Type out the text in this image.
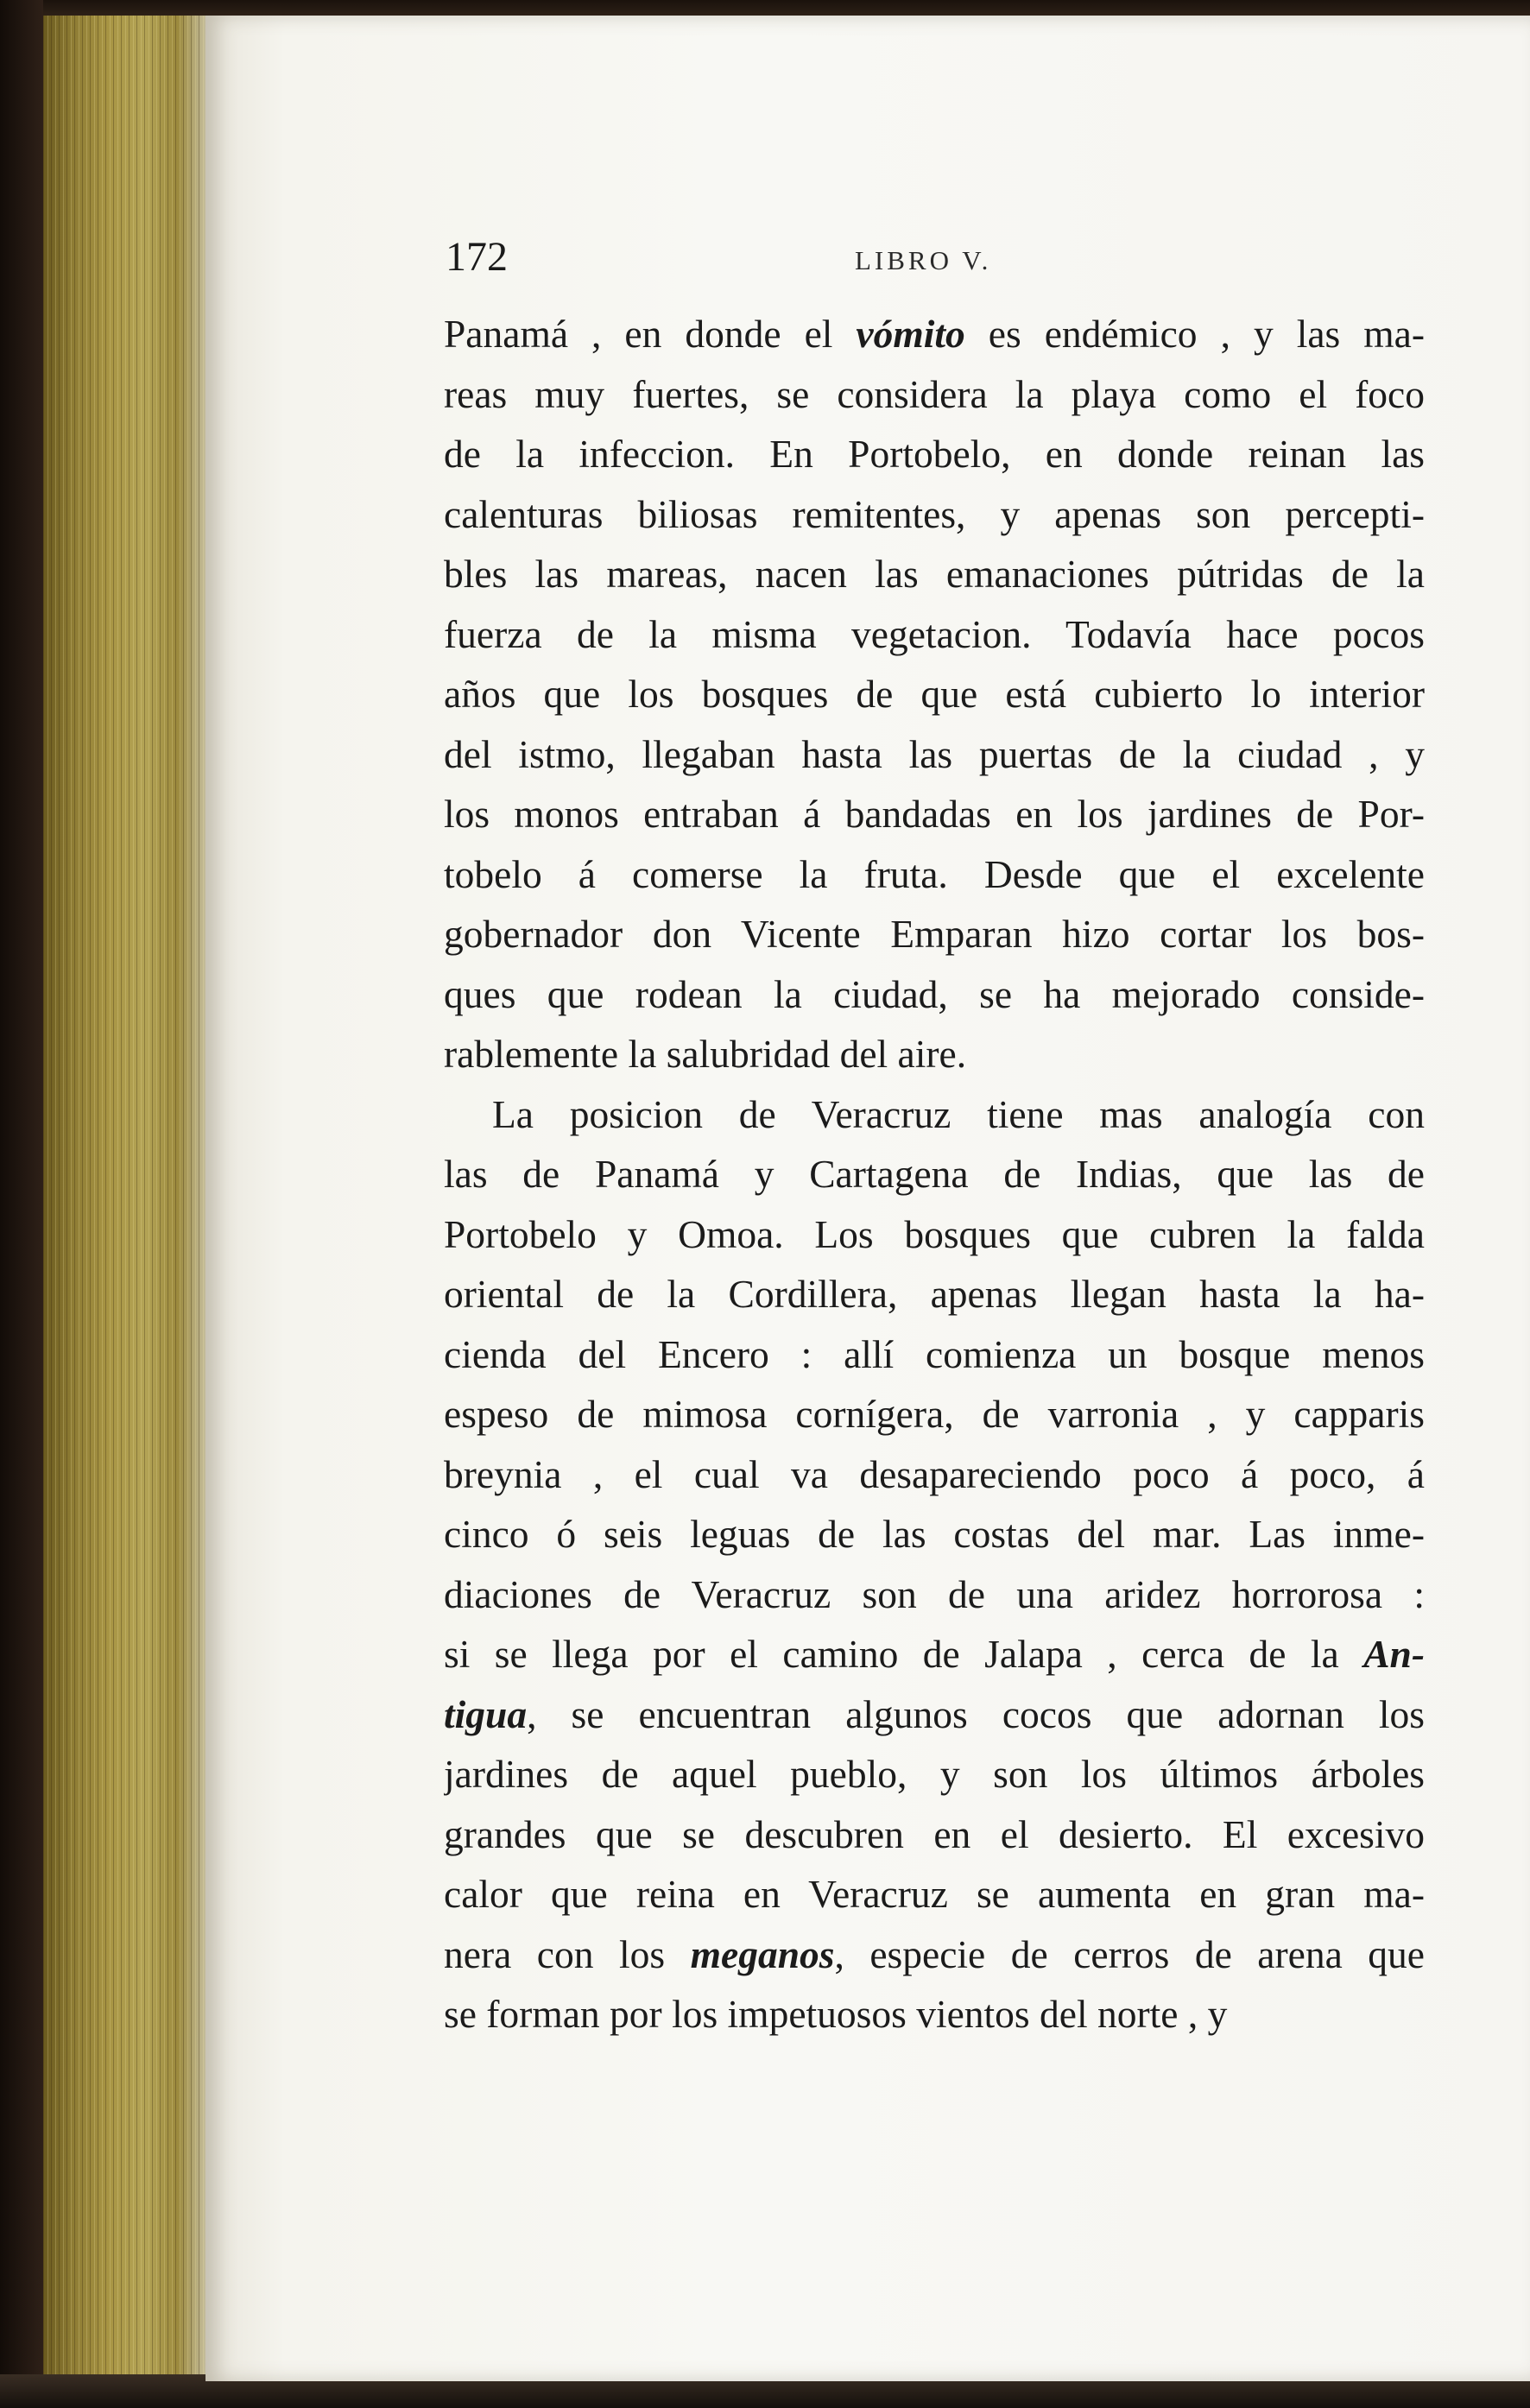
172	LIBRO V.
Panamá , en donde el vómito es endémico , y las ma-
reas muy fuertes, se considera la playa como el foco
de la infeccion. En Portobelo, en donde reinan las
calenturas biliosas remitentes, y apenas son percepti-
bles las mareas, nacen las emanaciones pútridas de la
fuerza de la misma vegetacion. Todavía hace pocos
años que los bosques de que está cubierto lo interior
del istmo, llegaban hasta las puertas de la ciudad , y
los monos entraban á bandadas en los jardines de Por-
tobelo á comerse la fruta. Desde que el excelente
gobernador don Vicente Emparan hizo cortar los bos-
ques que rodean la ciudad, se ha mejorado conside-
rablemente la salubridad del aire.
La posicion de Veracruz tiene mas analogía con
las de Panamá y Cartagena de Indias, que las de
Portobelo y Omoa. Los bosques que cubren la falda
oriental de la Cordillera, apenas llegan hasta la ha-
cienda del Encero : allí comienza un bosque menos
espeso de mimosa cornígera, de varronia , y capparis
breynia , el cual va desapareciendo poco á poco, á
cinco ó seis leguas de las costas del mar. Las inme-
diaciones de Veracruz son de una aridez horrorosa :
si se llega por el camino de Jalapa , cerca de la An-
tigua, se encuentran algunos cocos que adornan los
jardines de aquel pueblo, y son los últimos árboles
grandes que se descubren en el desierto. El excesivo
calor que reina en Veracruz se aumenta en gran ma-
nera con los meganos, especie de cerros de arena que
se forman por los impetuosos vientos del norte , y
